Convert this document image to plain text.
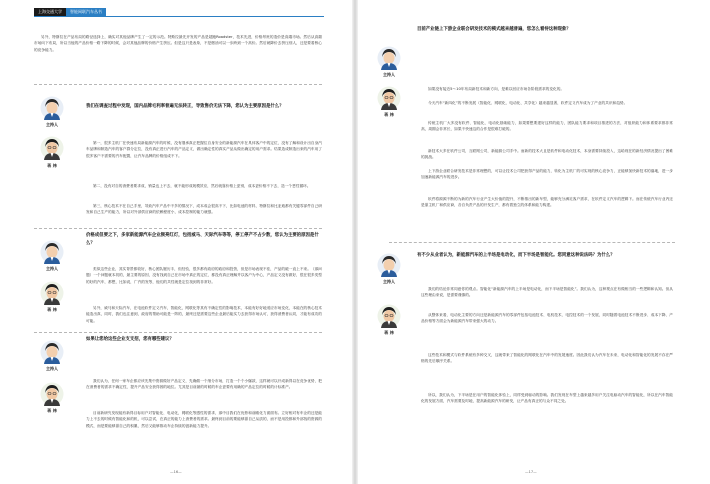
上海交通大学	智能网联汽车丛书

另外，特斯拉在产品布局的路径选择上，确实对其他品牌产生了一定的示范。特斯拉最先开发的产品是超跑Roadster，技术先进，价格昂贵的造价是高端市场。然后从高端市场向下布局，所以当他的产品价格一路下降的时候，会对其他品牌的价格产生挤压。但是这只是表象，不是燃油可以一步跨到一个高价。然后就降价去挤压别人，还是要看核心的竞争能力。

主持人

我们在调查过程中发现，国内品牌毛利率普遍无法转正，导致售价无法下降，您认为主要原因是什么？

蒋 炜

第一，很多主机厂在快速布局新能源汽车的时候，没有继承真正把握住自身安全的新能源汽车在具体客户中的定位，没有了解和设计出自身汽车品牌和制造汽车的客户群分定位，没有真正进行汽车的产品定义，做出确定性的真实产品从做出确定的用户需求。结果造成制造出来的汽车用了很多客户不需要的汽车配置，让汽车品牌的价格组成不下。

第二，没有对自的消费者要求成，销量也上不去，就不能形成规模效应，然后就靠价格上更别，成本更价格不下去，造一个恶性循环。

第三，核心技术不在自己手里，导致汽车产品中不多的情况下，成本成会很高不下，比如电池的材料，特斯拉和比亚迪都有关键零部件自己研发和自己生产的能力，所以对外部供应商的依赖程度小，成本控制的能力就强。

主持人

价格成但要之下，多家新能源汽车企业频亮红灯，包括威马、天际汽车等等，停工停产不占少数，您认为主要的原因是什么？

蒋 炜

类似这些企业，其实背景都较好，核心团队履历丰，但经验，很多都有政府的政府和投资，但是市场表现不佳，产品的破一直上不来。（那问题）一个问题就本初的，最主要的原因，没有找到自己在市场中真正的定位，都没有真正理解并以客户为中心，产品定义没有做好，很在很多类型的好的汽车，都想，比如说，广汽的发等，他们的共性就是定位找到的非常好。

另外，威马和天际汽车，在电池软件定义汽车，智能化，网联化等其有不确定性的影响技术，本能有好好地适应市场变化，本能在的核心技术能造出真，同时，我们也注意到，政府的帮助可能是一阵的，最终还是需要这些企业最后能实力去获得市场认可，获得消费者认同，才能有成功的可能。

主持人

如果让您给这些企业支支招，您有哪些建议？

蒋 炜

我们认为，任何一家车企都应该先集中资源做好产品定义，先确做一个细分市场，打造一个个小爆款，这样就可以开成新得以在竞争优势，把在消费者的需求不确定性，提升产品安全获得固的地位。尤其是目前最的时候的车企更要有用确的产品定位的时候的计标准产。

目前新研究发现能有新得目标用户对智能化、电动化，网联化等感性的需求，那中目我们在优势和前瞻化力面面布。立好相对有车企的还是能力上不去的时候有智能化和的机，可以尝试，在真正的能力上消费者的需求。最终到目前的要能够靠自己从质的，而不是用投都和外部找的资源的模式，而是要能够靠自己的积累，然后又能够推动车企持续的创新能力提升。

—16—

目前产业链上下游企业联合研发技术的模式越来越普遍，您怎么看待这种现象？

主持人
蒋 炜

如果没有接近5～10年布局新技术和新方向，是难以回应市场各阶段需求的变化的。

今天汽车“新四化”的不断发展（智能化、网联化、电动化、共享化）越来越显著，软件定义汽车成为了产业的共识和趋势。

传统主机厂大多没有软件、智能化、电动化基础能力，如果要想要建好这样的能力，团队能力要求和项目推进的方法，对组织能力和体系要求都非常高，周期会非常长，如果不快速这的合作是很难打破的。

新技术大多在软件公司，互联网公司，新能源公司手中。而新的技术大且是软件和电动化技术，本身需要持续投入，这给现在的新经济情况提出了困难的挑战。

上下游企业联合研发技术是非常理想的，可以让技术公司把获得产品的能力，转化为主机厂的可实现的核心竞争力，正能够加快新技术的落地，进一步加速新能源汽车的进步。

软件将源源不断的为新的汽车行业产生大价值的提升，不断推出的新车型，能够充分满足客户需求，在软件定义汽车的逻辑下。而在传统汽车行业内还是靠主机厂和供应商，各自负责产品的开发生产，都有着独立的体系和能力构建。

有不少从业者认为，新能源汽车的上半场是电动化，而下半场是智能化。您同意这种说法吗？为什么？

主持人
蒋 炜

我们的结论非常同意你的观点。智能化“新能源汽车的上半场是电动化，而下半场是智能化”。我们认为，这种观点在有做相当的一些逻辑和认知。但从这些理由来说，是需要谨慎的。

从整体来看，电动化主要的方向还是新能源汽车的零部件包括电池技术、电机技术、电控技术的一个发展，同时随着电池技术不断进步、成本下降、产品价格等方面会为新能源汽车带来强大的动力。

这些技术和模式与软件系统有多种交叉，这就带来了智能化的网联化在汽车中的发展速度。因此我们认为汽车在未来，电动化和智能化的发展不存在严格的先后顺序关系。

所以，我们认为，下半场是在用户的智能化体验上，同样受到驱动的影响。我们发现在车型上越来越多用户关注电驱动汽车的智能化，所以在汽车智能化的发展方面，汽车需要及时地，提高新能源汽车的研发，让产品有真正的与众不同之处。

—17—
